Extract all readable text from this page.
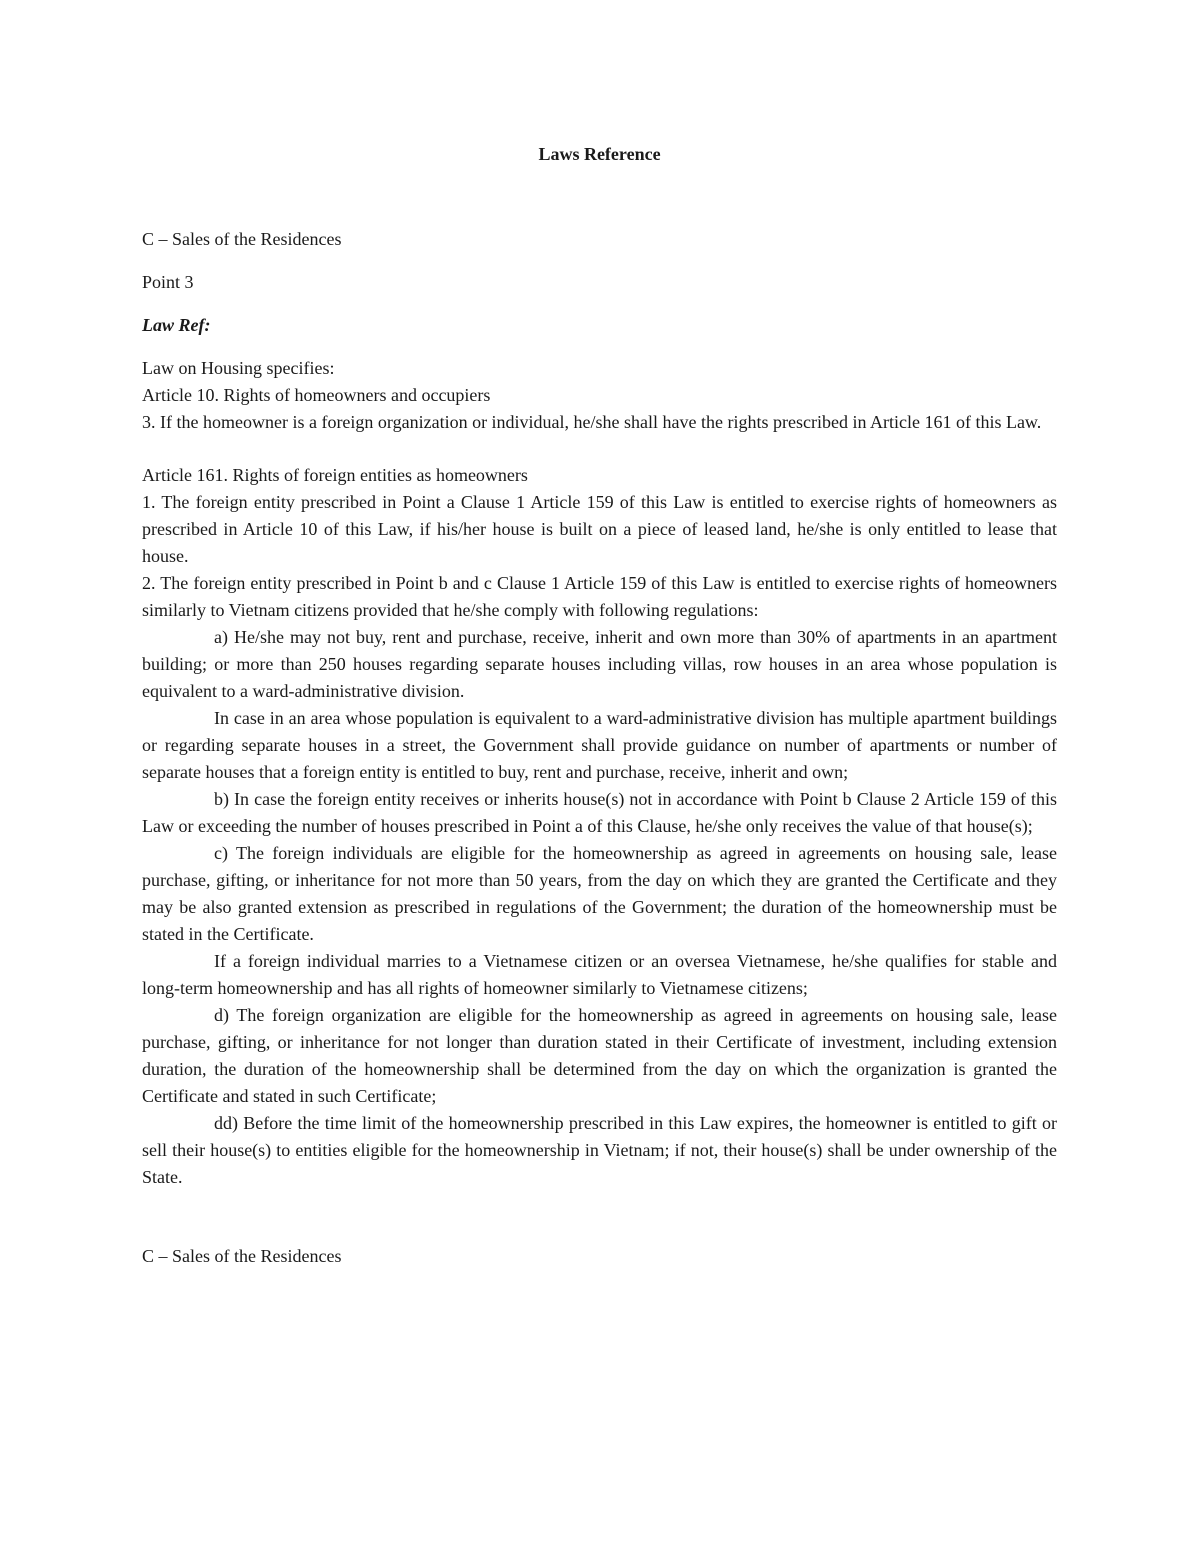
Laws Reference

C – Sales of the Residences

Point 3

Law Ref:

Law on Housing specifies:

Article 10. Rights of homeowners and occupiers

3. If the homeowner is a foreign organization or individual, he/she shall have the rights prescribed in Article 161 of this Law.

Article 161. Rights of foreign entities as homeowners

1. The foreign entity prescribed in Point a Clause 1 Article 159 of this Law is entitled to exercise rights of homeowners as prescribed in Article 10 of this Law, if his/her house is built on a piece of leased land, he/she is only entitled to lease that house.

2. The foreign entity prescribed in Point b and c Clause 1 Article 159 of this Law is entitled to exercise rights of homeowners similarly to Vietnam citizens provided that he/she comply with following regulations:

a) He/she may not buy, rent and purchase, receive, inherit and own more than 30% of apartments in an apartment building; or more than 250 houses regarding separate houses including villas, row houses in an area whose population is equivalent to a ward-administrative division.

In case in an area whose population is equivalent to a ward-administrative division has multiple apartment buildings or regarding separate houses in a street, the Government shall provide guidance on number of apartments or number of separate houses that a foreign entity is entitled to buy, rent and purchase, receive, inherit and own;

b) In case the foreign entity receives or inherits house(s) not in accordance with Point b Clause 2 Article 159 of this Law or exceeding the number of houses prescribed in Point a of this Clause, he/she only receives the value of that house(s);

c) The foreign individuals are eligible for the homeownership as agreed in agreements on housing sale, lease purchase, gifting, or inheritance for not more than 50 years, from the day on which they are granted the Certificate and they may be also granted extension as prescribed in regulations of the Government; the duration of the homeownership must be stated in the Certificate.

If a foreign individual marries to a Vietnamese citizen or an oversea Vietnamese, he/she qualifies for stable and long-term homeownership and has all rights of homeowner similarly to Vietnamese citizens;

d) The foreign organization are eligible for the homeownership as agreed in agreements on housing sale, lease purchase, gifting, or inheritance for not longer than duration stated in their Certificate of investment, including extension duration, the duration of the homeownership shall be determined from the day on which the organization is granted the Certificate and stated in such Certificate;

dd) Before the time limit of the homeownership prescribed in this Law expires, the homeowner is entitled to gift or sell their house(s) to entities eligible for the homeownership in Vietnam; if not, their house(s) shall be under ownership of the State.

C – Sales of the Residences
